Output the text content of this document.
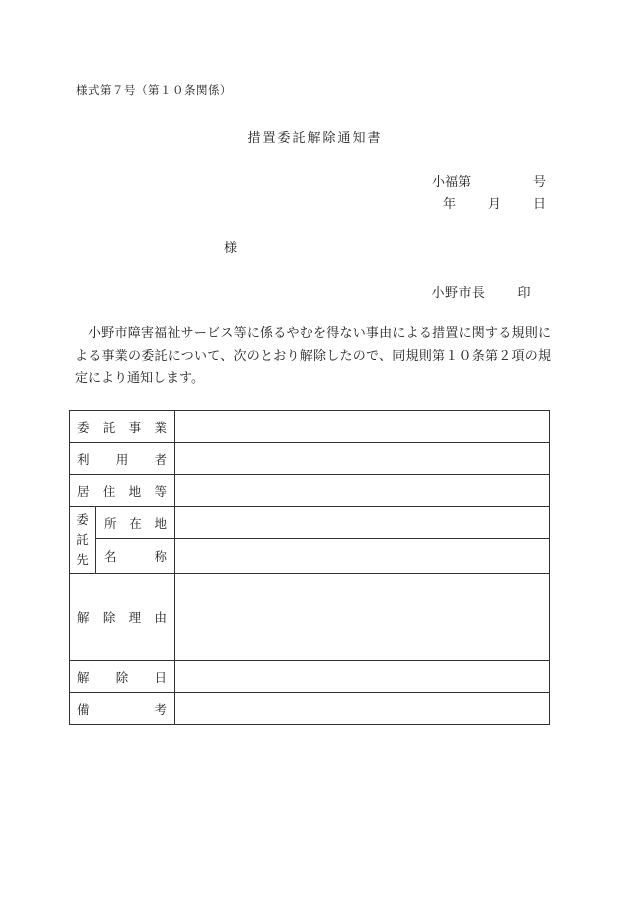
様式第７号（第１０条関係）
措置委託解除通知書
小福第	号
年 月 日
様
小野市長 印
小野市障害福祉サービス等に係るやむを得ない事由による措置に関する規則による事業の委託について、次のとおり解除したので、同規則第１０条第２項の規定により通知します。
委 託 事 業		

利 用 者		

居 住 地 等		

委
託
先	所 在 地	

	名 称	

解 除 理 由		

解 除 日		

備 考		
